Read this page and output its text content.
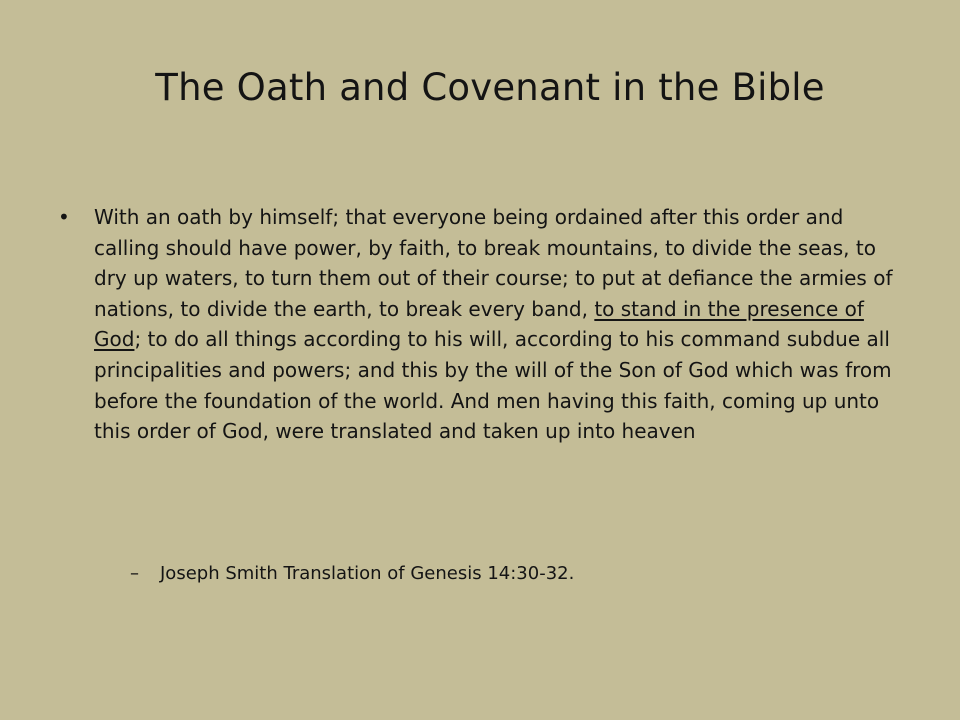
The Oath and Covenant in the Bible
• With an oath by himself; that everyone being ordained after this order and calling should have power, by faith, to break mountains, to divide the seas, to dry up waters, to turn them out of their course; to put at defiance the armies of nations, to divide the earth, to break every band, to stand in the presence of God; to do all things according to his will, according to his command subdue all principalities and powers; and this by the will of the Son of God which was from before the foundation of the world. And men having this faith, coming up unto this order of God, were translated and taken up into heaven
– Joseph Smith Translation of Genesis 14:30-32.
